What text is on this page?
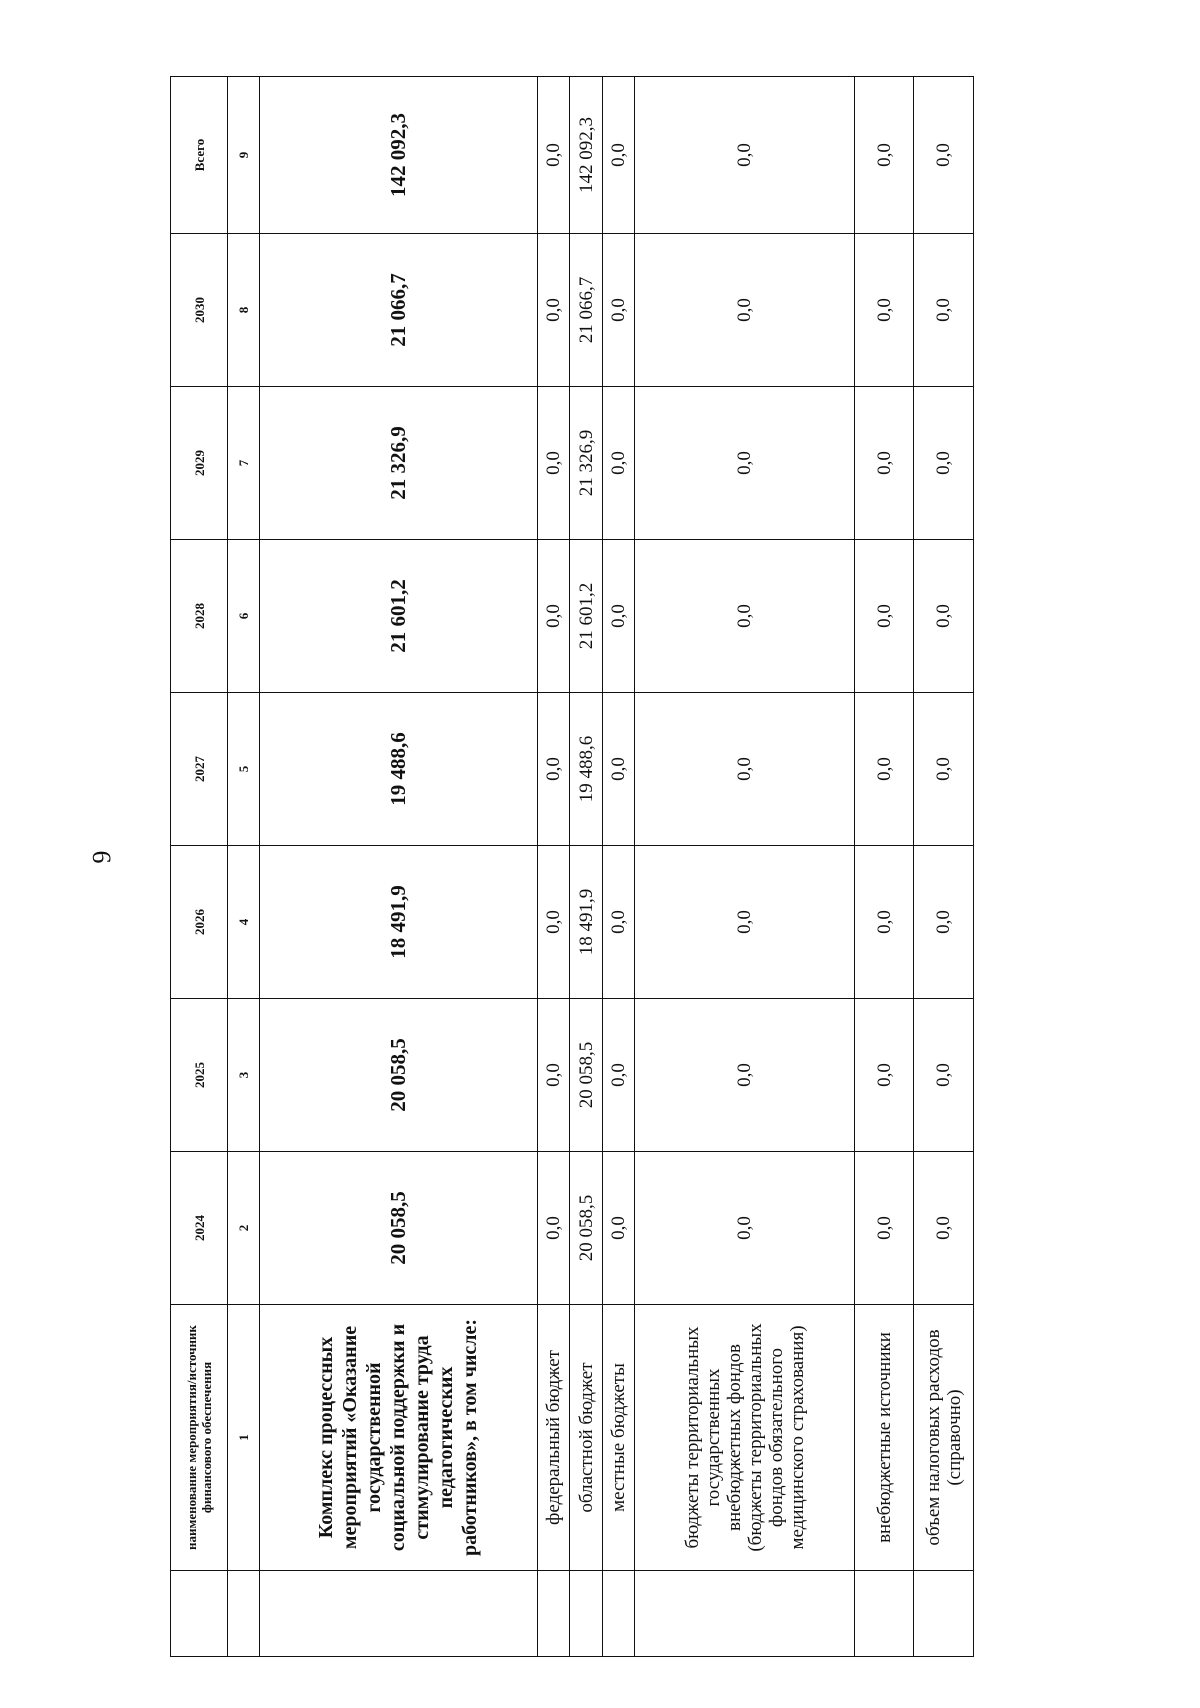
6
	наименование мероприятия/источник финансового обеспечения	2024	2025	2026	2027	2028	2029	2030	Всего
	1	2	3	4	5	6	7	8	9
	Комплекс процессных мероприятий «Оказание государственной социальной поддержки и стимулирование труда педагогических работников», в том числе:	20 058,5	20 058,5	18 491,9	19 488,6	21 601,2	21 326,9	21 066,7	142 092,3
	федеральный бюджет	0,0	0,0	0,0	0,0	0,0	0,0	0,0	0,0
	областной бюджет	20 058,5	20 058,5	18 491,9	19 488,6	21 601,2	21 326,9	21 066,7	142 092,3
	местные бюджеты	0,0	0,0	0,0	0,0	0,0	0,0	0,0	0,0
	бюджеты территориальных государственных внебюджетных фондов (бюджеты территориальных фондов обязательного медицинского страхования)	0,0	0,0	0,0	0,0	0,0	0,0	0,0	0,0
	внебюджетные источники	0,0	0,0	0,0	0,0	0,0	0,0	0,0	0,0
	объем налоговых расходов (справочно)	0,0	0,0	0,0	0,0	0,0	0,0	0,0	0,0
